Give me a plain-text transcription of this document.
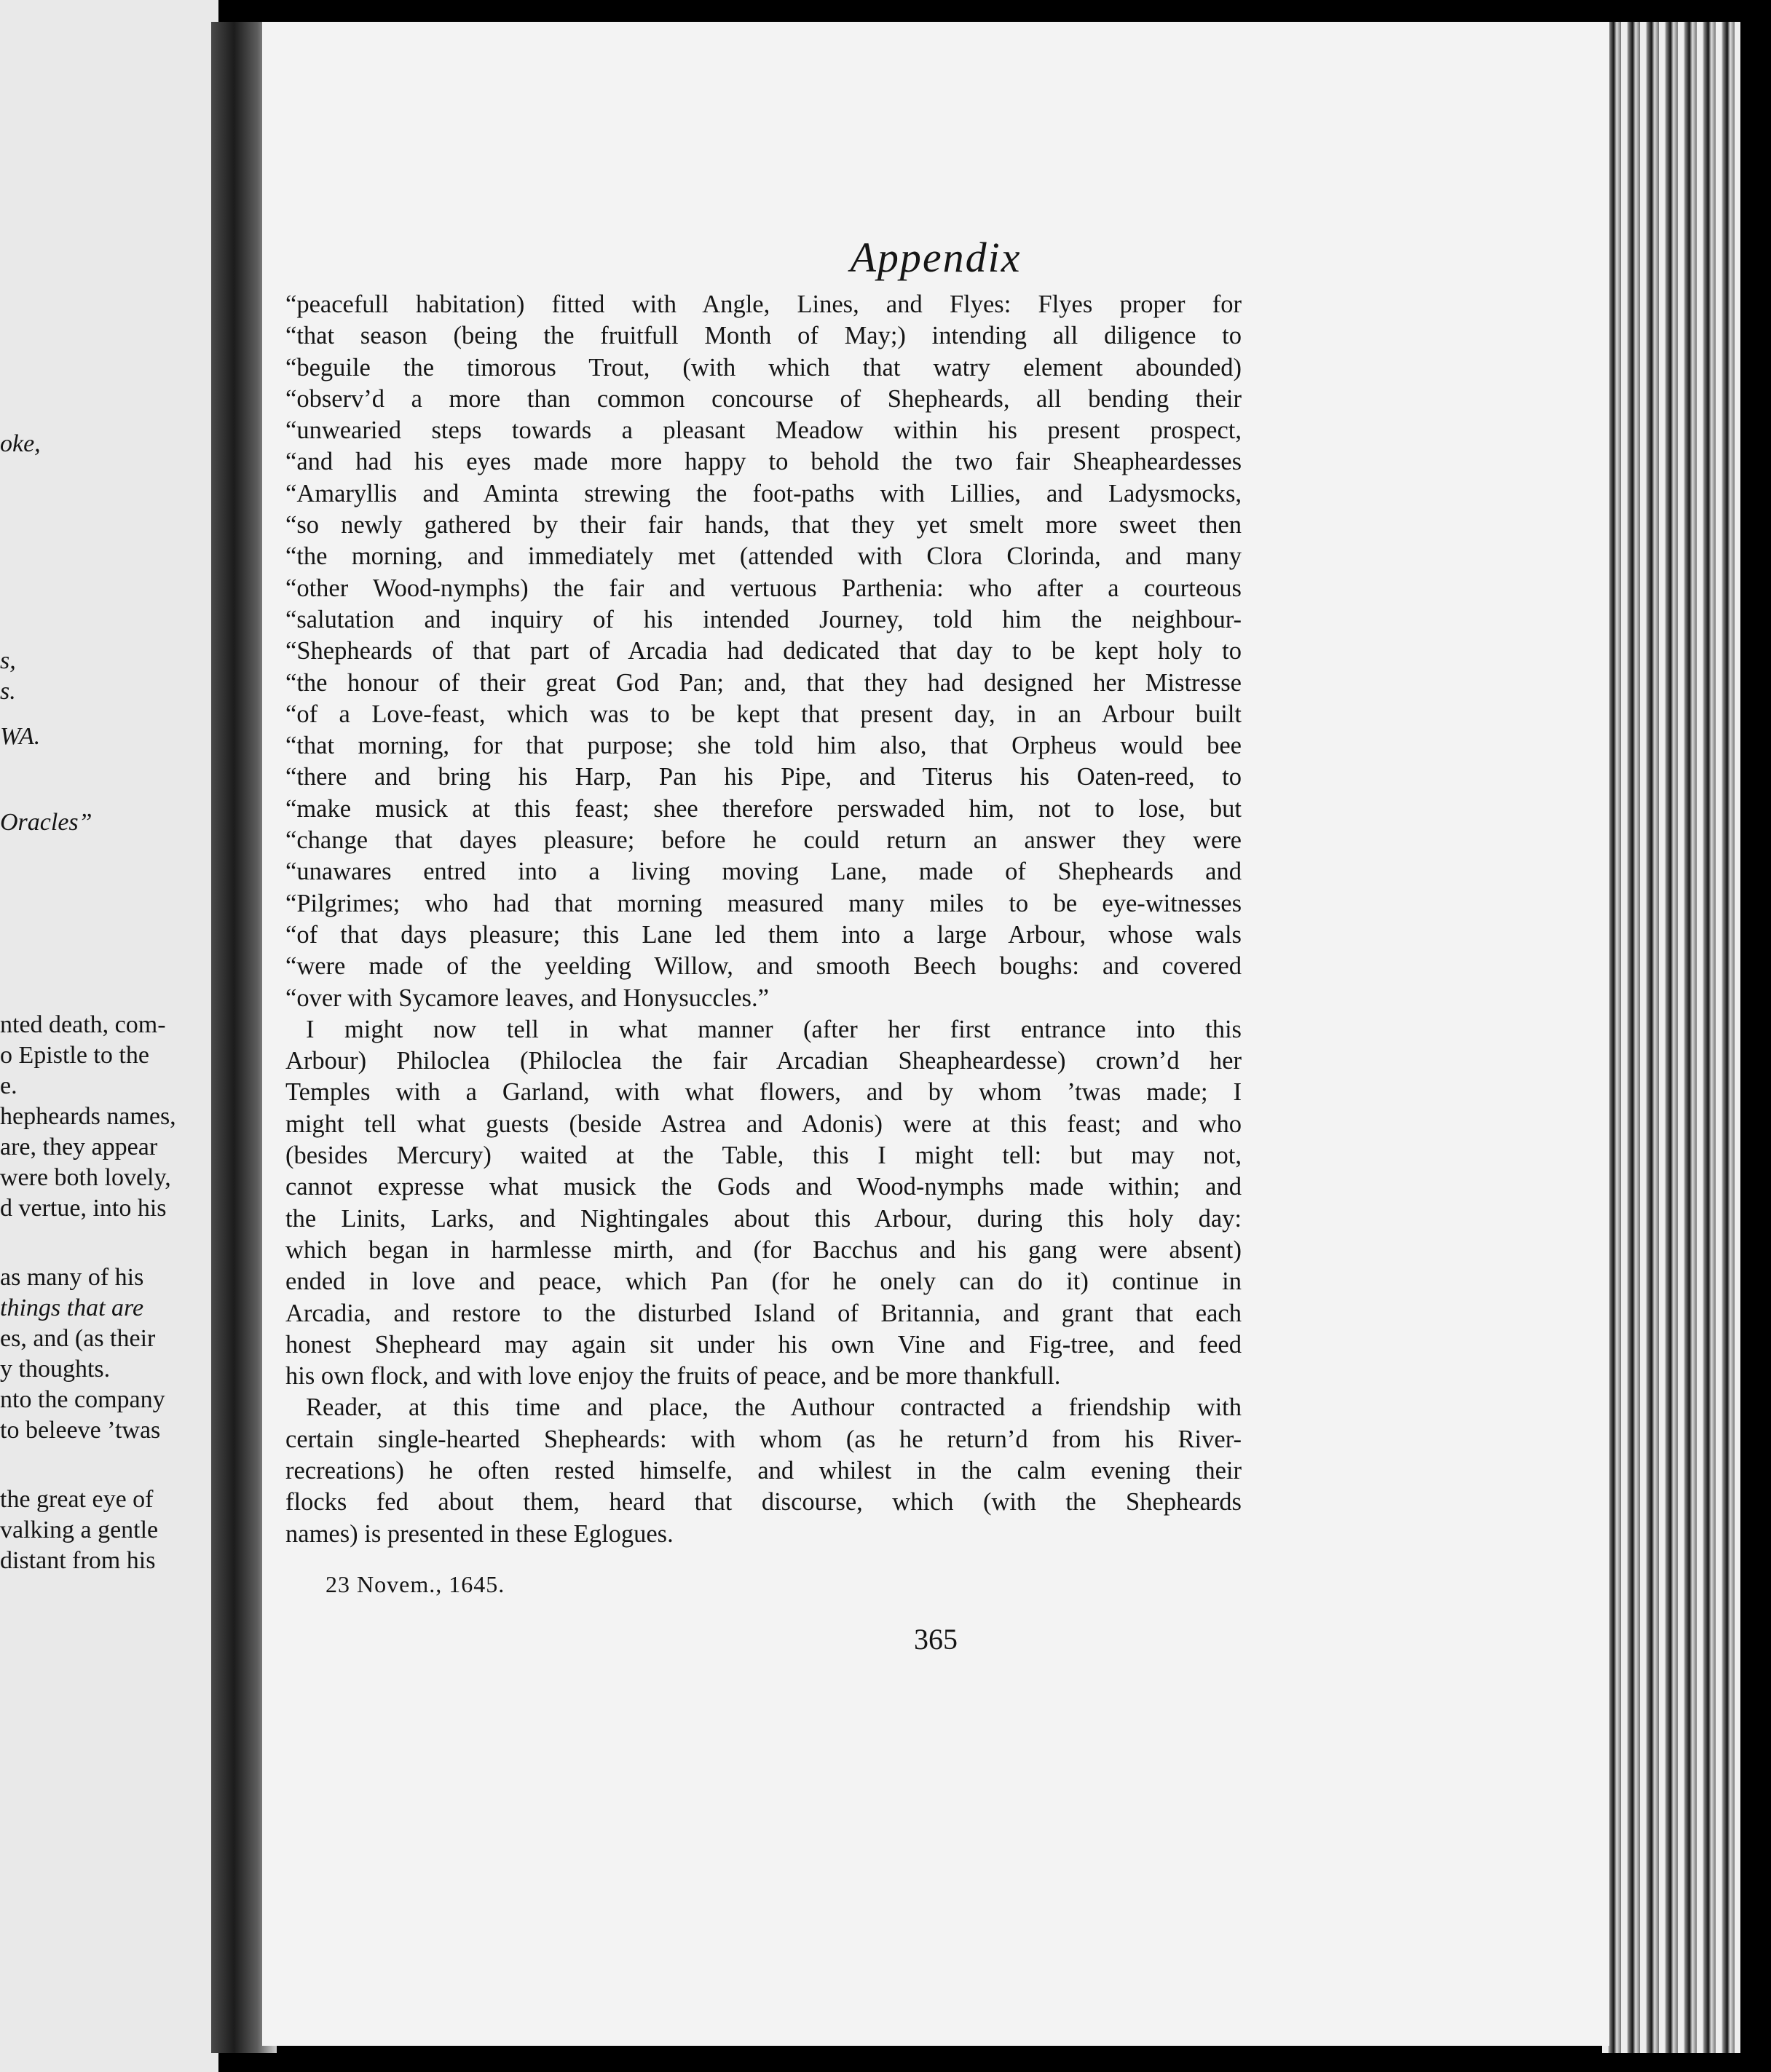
oke,
s,
s.
WA.
Oracles”
nted death, com-
o Epistle to the
e.
hepheards names,
are, they appear
were both lovely,
d vertue, into his
as many of his
things that are
es, and (as their
y thoughts.
nto the company
to beleeve ’twas
the great eye of
valking a gentle
distant from his
Appendix
365
“peacefull habitation) fitted with Angle, Lines, and Flyes: Flyes proper for
“that season (being the fruitfull Month of May;) intending all diligence to
“beguile the timorous Trout, (with which that watry element abounded)
“observ’d a more than common concourse of Shepheards, all bending their
“unwearied steps towards a pleasant Meadow within his present prospect,
“and had his eyes made more happy to behold the two fair Sheapheardesses
“Amaryllis and Aminta strewing the foot-paths with Lillies, and Ladysmocks,
“so newly gathered by their fair hands, that they yet smelt more sweet then
“the morning, and immediately met (attended with Clora Clorinda, and many
“other Wood-nymphs) the fair and vertuous Parthenia: who after a courteous
“salutation and inquiry of his intended Journey, told him the neighbour-
“Shepheards of that part of Arcadia had dedicated that day to be kept holy to
“the honour of their great God Pan; and, that they had designed her Mistresse
“of a Love-feast, which was to be kept that present day, in an Arbour built
“that morning, for that purpose; she told him also, that Orpheus would bee
“there and bring his Harp, Pan his Pipe, and Titerus his Oaten-reed, to
“make musick at this feast; shee therefore perswaded him, not to lose, but
“change that dayes pleasure; before he could return an answer they were
“unawares entred into a living moving Lane, made of Shepheards and
“Pilgrimes; who had that morning measured many miles to be eye-witnesses
“of that days pleasure; this Lane led them into a large Arbour, whose wals
“were made of the yeelding Willow, and smooth Beech boughs: and covered
“over with Sycamore leaves, and Honysuccles.”
I might now tell in what manner (after her first entrance into this
Arbour) Philoclea (Philoclea the fair Arcadian Sheapheardesse) crown’d her
Temples with a Garland, with what flowers, and by whom ’twas made; I
might tell what guests (beside Astrea and Adonis) were at this feast; and who
(besides Mercury) waited at the Table, this I might tell: but may not,
cannot expresse what musick the Gods and Wood-nymphs made within; and
the Linits, Larks, and Nightingales about this Arbour, during this holy day:
which began in harmlesse mirth, and (for Bacchus and his gang were absent)
ended in love and peace, which Pan (for he onely can do it) continue in
Arcadia, and restore to the disturbed Island of Britannia, and grant that each
honest Shepheard may again sit under his own Vine and Fig-tree, and feed
his own flock, and with love enjoy the fruits of peace, and be more thankfull.
Reader, at this time and place, the Authour contracted a friendship with
certain single-hearted Shepheards: with whom (as he return’d from his River-
recreations) he often rested himselfe, and whilest in the calm evening their
flocks fed about them, heard that discourse, which (with the Shepheards
names) is presented in these Eglogues.
23 Novem., 1645.
